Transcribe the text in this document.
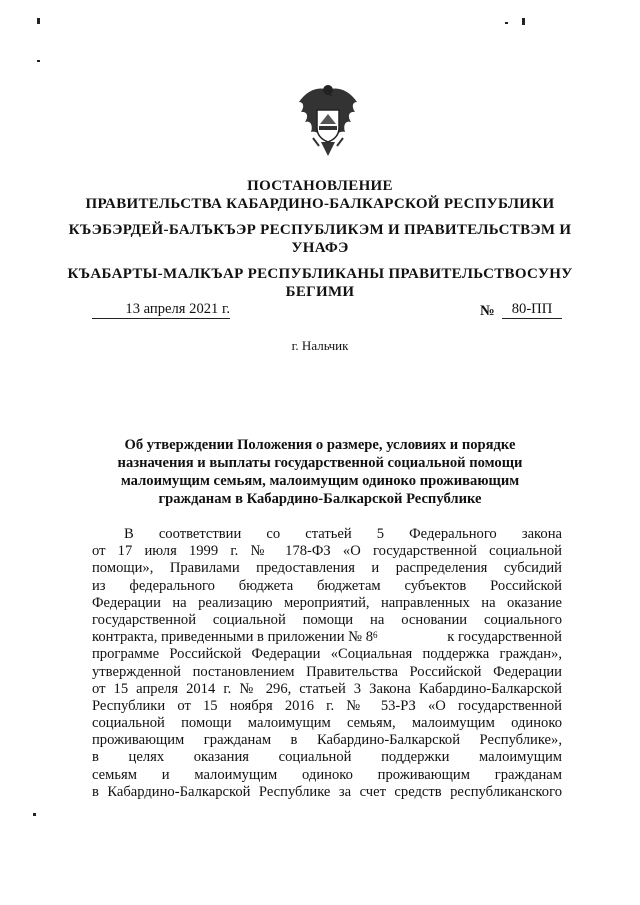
ПОСТАНОВЛЕНИЕ
ПРАВИТЕЛЬСТВА КАБАРДИНО-БАЛКАРСКОЙ РЕСПУБЛИКИ
КЪЭБЭРДЕЙ-БАЛЪКЪЭР РЕСПУБЛИКЭМ И ПРАВИТЕЛЬСТВЭМ И
УНАФЭ
КЪАБАРТЫ-МАЛКЪАР РЕСПУБЛИКАНЫ ПРАВИТЕЛЬСТВОСУНУ
БЕГИМИ
13 апреля 2021 г.	№	80-ПП
г. Нальчик
Об утверждении Положения о размере, условиях и порядке
назначения и выплаты государственной социальной помощи
малоимущим семьям, малоимущим одиноко проживающим
гражданам в Кабардино-Балкарской Республике
В соответствии со статьей 5 Федерального закона
от 17 июля 1999 г. № 178-ФЗ «О государственной социальной
помощи», Правилами предоставления и распределения субсидий
из федерального бюджета бюджетам субъектов Российской
Федерации на реализацию мероприятий, направленных на оказание
государственной социальной помощи на основании социального
контракта, приведенными в приложении № $8^6$	к государственной
программе Российской Федерации «Социальная поддержка граждан»,
утвержденной постановлением Правительства Российской Федерации
от 15 апреля 2014 г. № 296, статьей 3 Закона Кабардино-Балкарской
Республики от 15 ноября 2016 г. № 53-РЗ «О государственной
социальной помощи малоимущим семьям, малоимущим одиноко
проживающим гражданам в Кабардино-Балкарской Республике»,
в целях оказания социальной поддержки малоимущим
семьям и малоимущим одиноко проживающим гражданам
в Кабардино-Балкарской Республике за счет средств республиканского
